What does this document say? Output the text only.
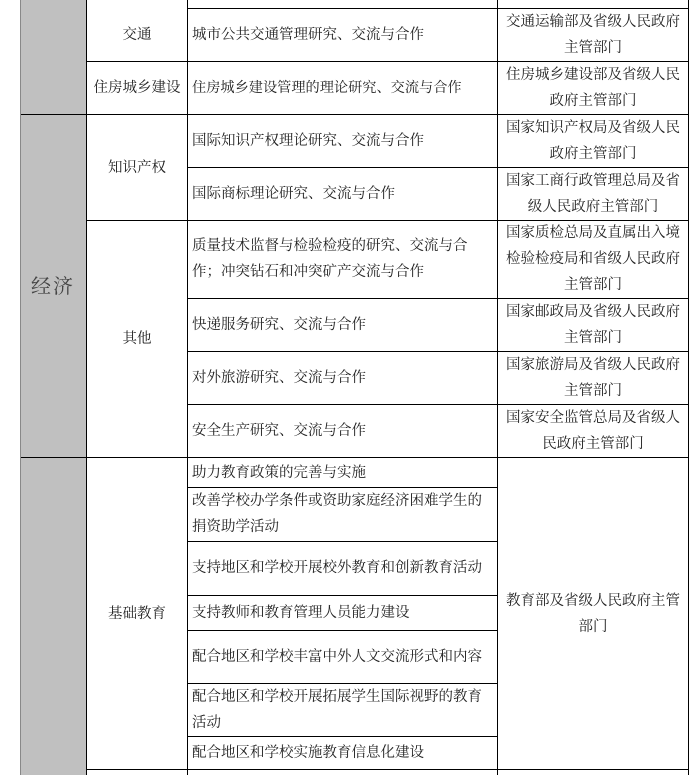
经济
交通
住房城乡建设
知识产权
其他
基础教育
城市公共交通管理研究、交流与合作
住房城乡建设管理的理论研究、交流与合作
国际知识产权理论研究、交流与合作
国际商标理论研究、交流与合作
质量技术监督与检验检疫的研究、交流与合作；冲突钻石和冲突矿产交流与合作
快递服务研究、交流与合作
对外旅游研究、交流与合作
安全生产研究、交流与合作
助力教育政策的完善与实施
改善学校办学条件或资助家庭经济困难学生的捐资助学活动
支持地区和学校开展校外教育和创新教育活动
支持教师和教育管理人员能力建设
配合地区和学校丰富中外人文交流形式和内容
配合地区和学校开展拓展学生国际视野的教育活动
配合地区和学校实施教育信息化建设
交通运输部及省级人民政府主管部门
住房城乡建设部及省级人民政府主管部门
国家知识产权局及省级人民政府主管部门
国家工商行政管理总局及省级人民政府主管部门
国家质检总局及直属出入境检验检疫局和省级人民政府主管部门
国家邮政局及省级人民政府主管部门
国家旅游局及省级人民政府主管部门
国家安全监管总局及省级人民政府主管部门
教育部及省级人民政府主管部门
